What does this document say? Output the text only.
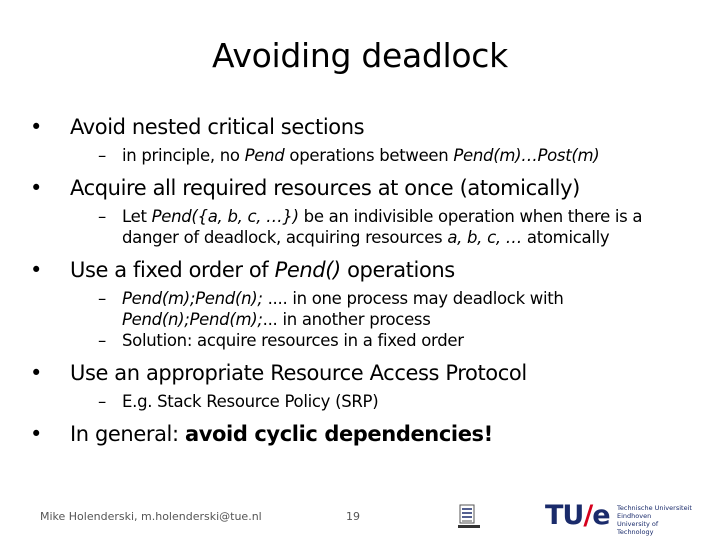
Avoiding deadlock
•	Avoid nested critical sections
– in principle, no Pend operations between Pend(m)…Post(m)
•	Acquire all required resources at once (atomically)
– Let Pend({a, b, c, …}) be an indivisible operation when there is a
danger of deadlock, acquiring resources a, b, c, … atomically
•	Use a fixed order of Pend() operations
– Pend(m);Pend(n); .... in one process may deadlock with
Pend(n);Pend(m);... in another process
– Solution: acquire resources in a fixed order
•	Use an appropriate Resource Access Protocol
– E.g. Stack Resource Policy (SRP)
•	In general: avoid cyclic dependencies!
Mike Holenderski, m.holenderski@tue.nl	19	TU/e Technische Universiteit
Eindhoven
University of Technology
